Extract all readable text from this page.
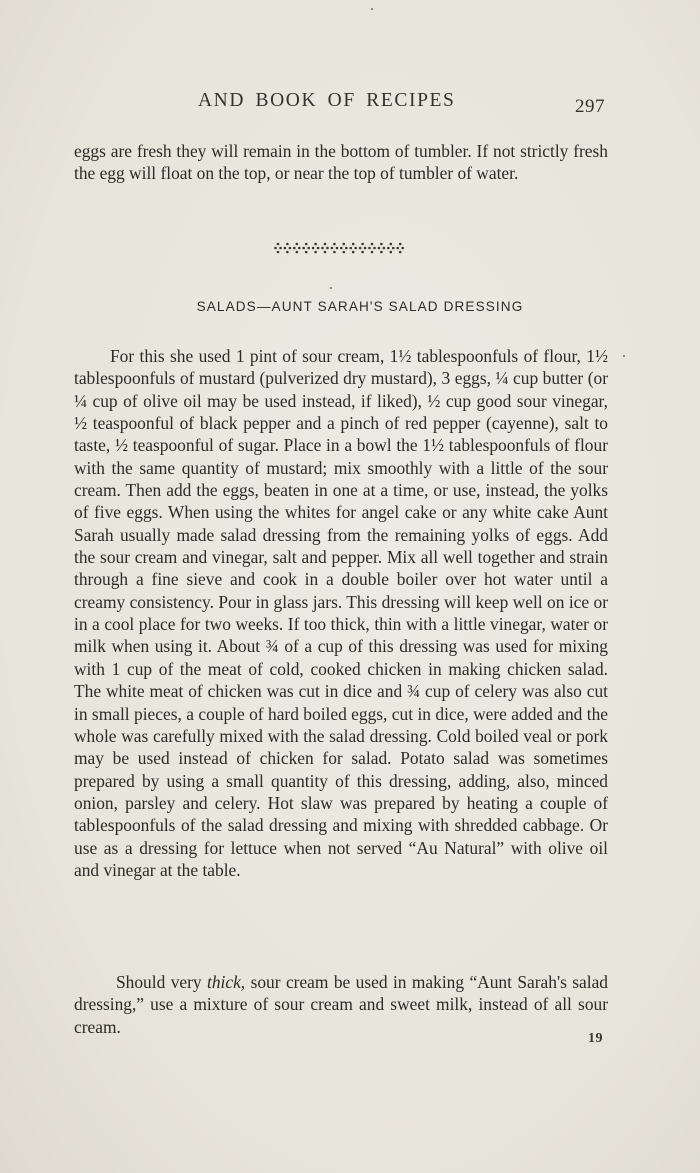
AND BOOK OF RECIPES	297

eggs are fresh they will remain in the bottom of tumbler. If not strictly fresh the egg will float on the top, or near the top of tumbler of water.

SALADS—AUNT SARAH'S SALAD DRESSING

For this she used 1 pint of sour cream, 1½ tablespoonfuls of flour, 1½ tablespoonfuls of mustard (pulverized dry mustard), 3 eggs, ¼ cup butter (or ¼ cup of olive oil may be used instead, if liked), ½ cup good sour vinegar, ½ teaspoonful of black pepper and a pinch of red pepper (cayenne), salt to taste, ½ teaspoonful of sugar. Place in a bowl the 1½ tablespoonfuls of flour with the same quantity of mustard; mix smoothly with a little of the sour cream. Then add the eggs, beaten in one at a time, or use, instead, the yolks of five eggs. When using the whites for angel cake or any white cake Aunt Sarah usually made salad dressing from the remaining yolks of eggs. Add the sour cream and vinegar, salt and pepper. Mix all well together and strain through a fine sieve and cook in a double boiler over hot water until a creamy consistency. Pour in glass jars. This dressing will keep well on ice or in a cool place for two weeks. If too thick, thin with a little vinegar, water or milk when using it. About ¾ of a cup of this dressing was used for mixing with 1 cup of the meat of cold, cooked chicken in making chicken salad. The white meat of chicken was cut in dice and ¾ cup of celery was also cut in small pieces, a couple of hard boiled eggs, cut in dice, were added and the whole was carefully mixed with the salad dressing. Cold boiled veal or pork may be used instead of chicken for salad. Potato salad was sometimes prepared by using a small quantity of this dressing, adding, also, minced onion, parsley and celery. Hot slaw was prepared by heating a couple of tablespoonfuls of the salad dressing and mixing with shredded cabbage. Or use as a dressing for lettuce when not served “Au Natural” with olive oil and vinegar at the table.

Should very thick, sour cream be used in making “Aunt Sarah's salad dressing,” use a mixture of sour cream and sweet milk, instead of all sour cream.

19
